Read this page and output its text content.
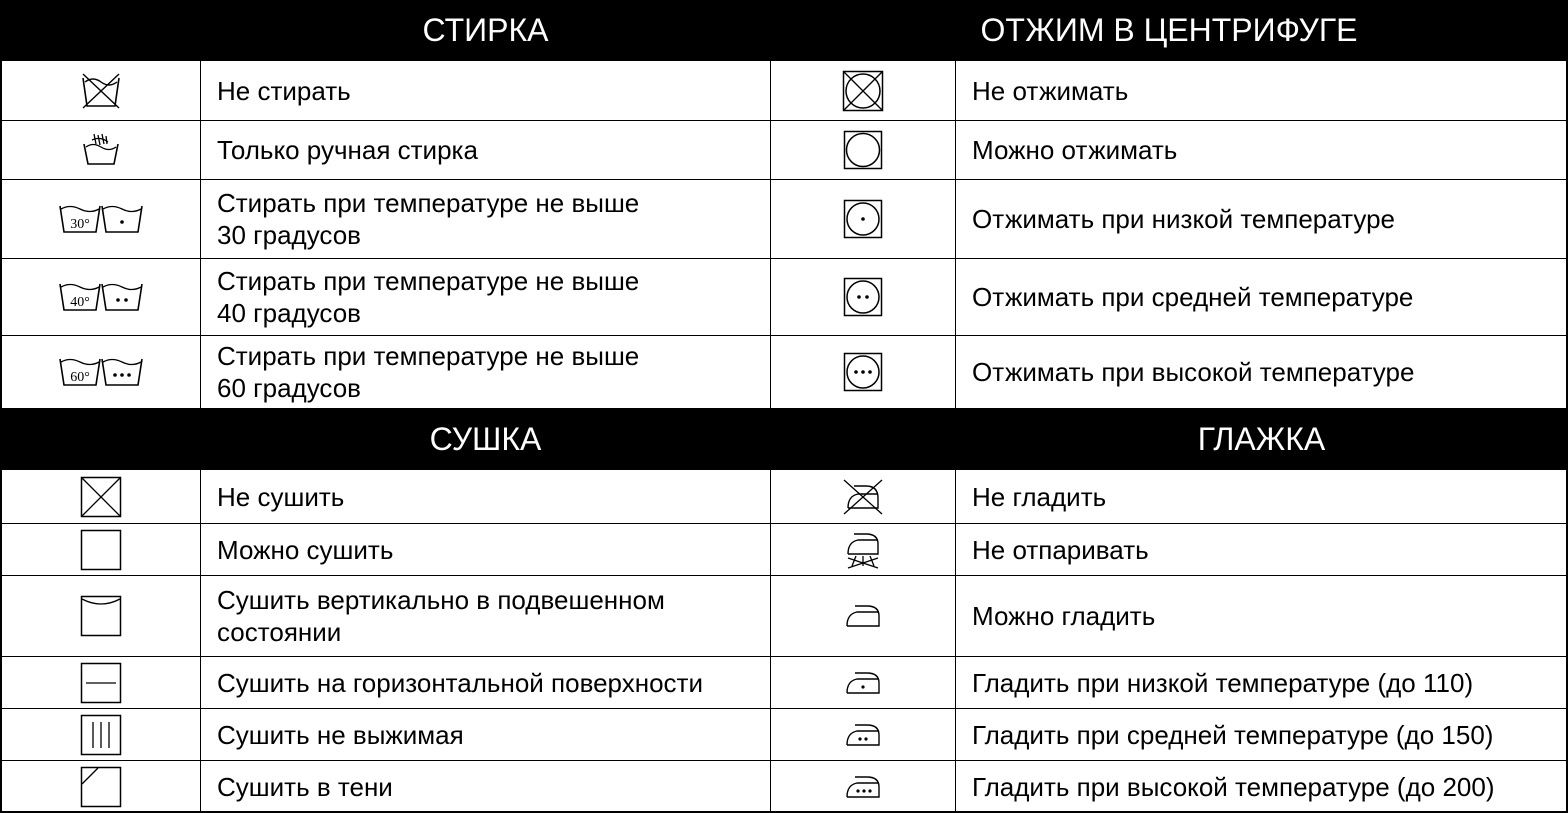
СТИРКА	ОТЖИМ В ЦЕНТРИФУГЕ
Не стирать
Только ручная стирка
30°
Стирать при температуре не выше
30 градусов
40°
Стирать при температуре не выше
40 градусов
60°
Стирать при температуре не выше
60 градусов
Не отжимать
Можно отжимать
Отжимать при низкой температуре
Отжимать при средней температуре
Отжимать при высокой температуре
СУШКА	ГЛАЖКА
Не сушить
Можно сушить
Сушить вертикально в подвешенном
состоянии
Сушить на горизонтальной поверхности
Сушить не выжимая
Сушить в тени
Не гладить
Не отпаривать
Можно гладить
Гладить при низкой температуре (до 110)
Гладить при средней температуре (до 150)
Гладить при высокой температуре (до 200)
